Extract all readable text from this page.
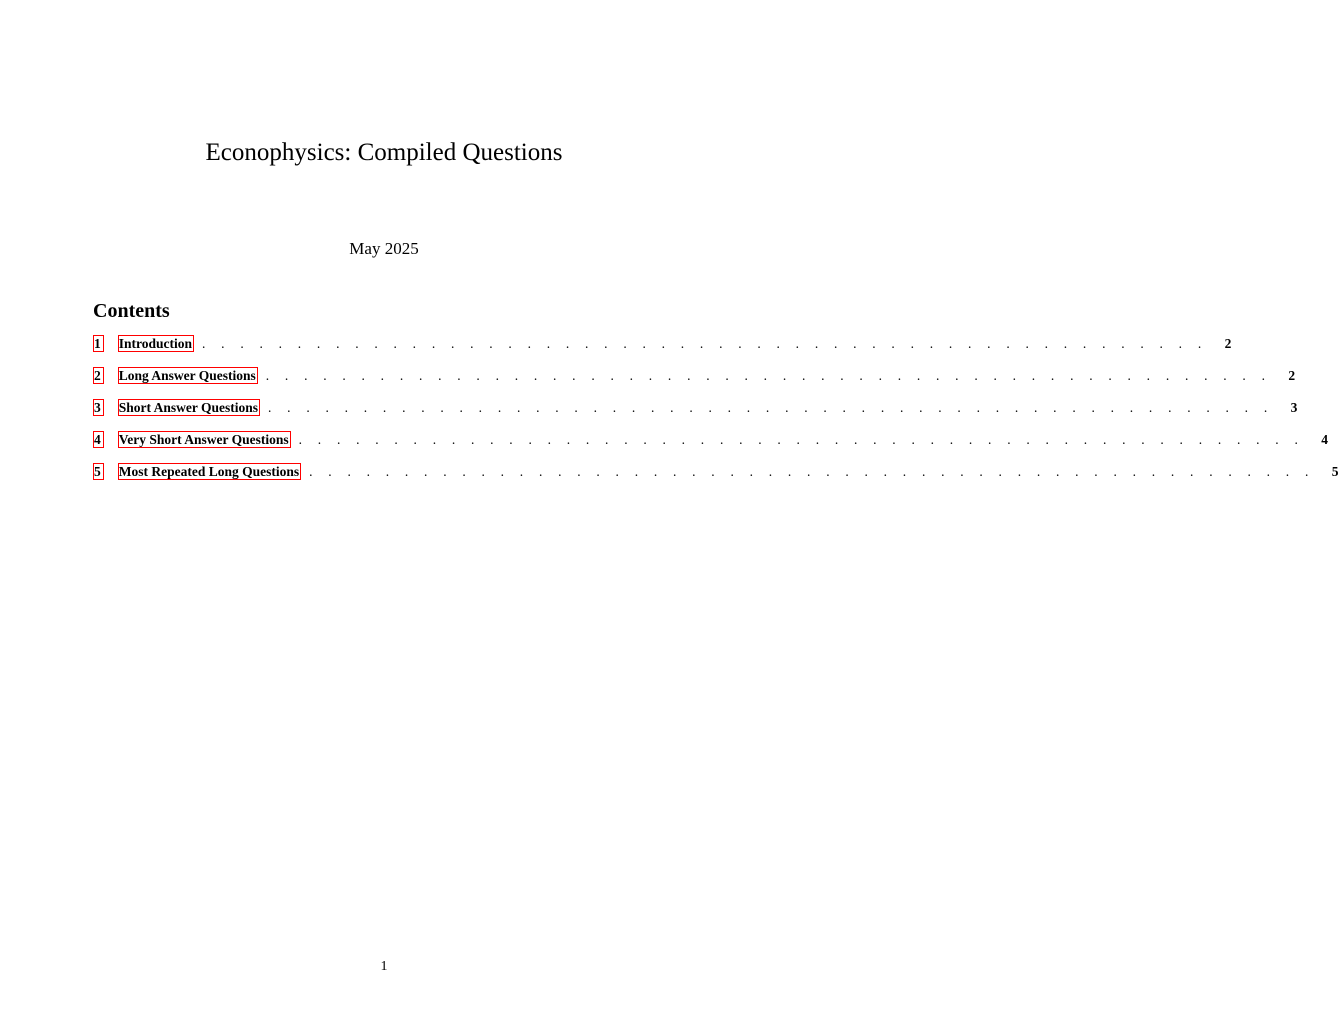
Econophysics: Compiled Questions
May 2025
Contents
1 Introduction . . . . . . . . . . . . . . . . . . . . . . . . . . . . . . . . . . . . . . . . . . . . . . . . . . . . .	2
2 Long Answer Questions . . . . . . . . . . . . . . . . . . . . . . . . . . . . . . . . . . . . . . . . . . . . . . . . . . . . .	2
3 Short Answer Questions . . . . . . . . . . . . . . . . . . . . . . . . . . . . . . . . . . . . . . . . . . . . . . . . . . . . .	3
4 Very Short Answer Questions . . . . . . . . . . . . . . . . . . . . . . . . . . . . . . . . . . . . . . . . . . . . . . . . . . . . .	4
5 Most Repeated Long Questions . . . . . . . . . . . . . . . . . . . . . . . . . . . . . . . . . . . . . . . . . . . . . . . . . . . . .	5
1
